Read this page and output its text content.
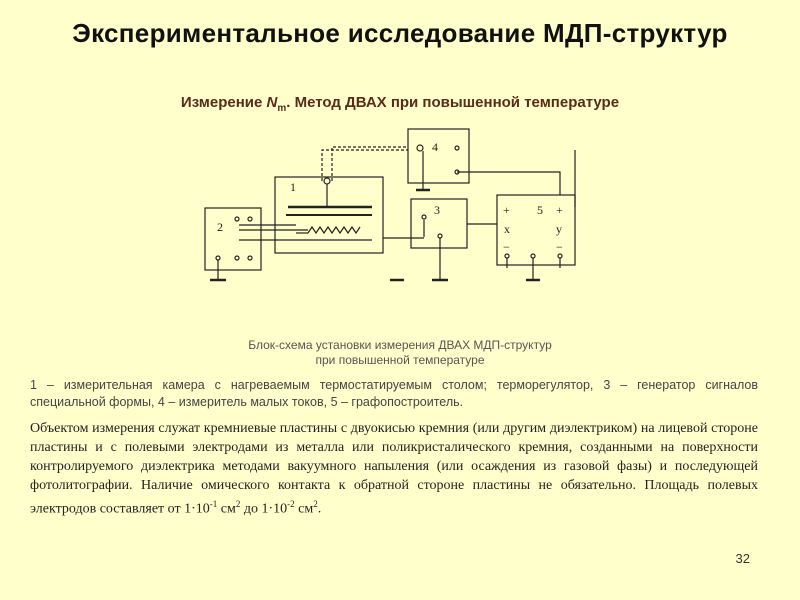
Экспериментальное исследование МДП-структур
Измерение $N_m$. Метод ДВАХ при повышенной температуре
1
2
3
4
5
+
x
−
+
y
−
Блок-схема установки измерения ДВАХ МДП-структур
при повышенной температуре
1 – измерительная камера с нагреваемым термостатируемым столом; терморегулятор, 3 – генератор сигналов специальной формы, 4 – измеритель малых токов, 5 – графопостроитель.
Объектом измерения служат кремниевые пластины с двуокисью кремния (или другим диэлектриком) на лицевой стороне пластины и с полевыми электродами из металла или поликристалического кремния, созданными на поверхности контролируемого диэлектрика методами вакуумного напыления (или осаждения из газовой фазы) и последующей фотолитографии. Наличие омического контакта к обратной стороне пластины не обязательно. Площадь полевых электродов составляет от $1\cdot 10^{-1}$ $см^2$ до $1\cdot 10^{-2}$ $см^2$.
32
